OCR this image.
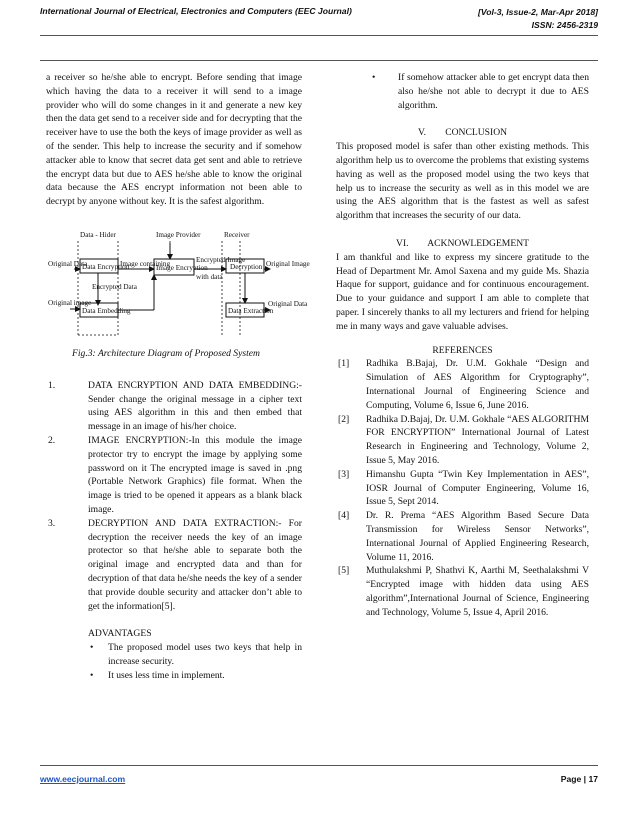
International Journal of Electrical, Electronics and Computers (EEC Journal)	[Vol-3, Issue-2, Mar-Apr 2018]
ISSN: 2456-2319

a receiver so he/she able to encrypt. Before sending that image which having the data to a receiver it will send to a image provider who will do some changes in it and generate a new key then the data get send to a receiver side and for decrypting that the receiver have to use the both the keys of image provider as well as of the sender. This help to increase the security and if somehow attacker able to know that secret data get sent and able to retrieve the encrypt data but due to AES he/she able to know the original data because the AES encrypt information not been able to decrypt by anyone without key. It is the safest algorithm.

Data - Hider	Image Provider	Receiver
Original Data
Data Encryption
Image containing
Image Encryption
Encrypted Image
with data
Decryption Original Image
Encrypted Data
Original image
Data Embedding	Data Extraction
Original Data

Fig.3: Architecture Diagram of Proposed System

1.	DATA ENCRYPTION AND DATA EMBEDDING:-Sender change the original message in a cipher text using AES algorithm in this and then embed that message in an image of his/her choice.
2.	IMAGE ENCRYPTION:-In this module the image protector try to encrypt the image by applying some password on it The encrypted image is saved in .png (Portable Network Graphics) file format. When the image is tried to be opened it appears as a blank black image.
3.	DECRYPTION AND DATA EXTRACTION:- For decryption the receiver needs the key of an image protector so that he/she able to separate both the original image and encrypted data and than for decryption of that data he/she needs the key of a sender that provide double security and attacker don’t able to get the information[5].

ADVANTAGES

• The proposed model uses two keys that help in increase security.
• It uses less time in implement.
• If somehow attacker able to get encrypt data then also he/she not able to decrypt it due to AES algorithm.

V.        CONCLUSION

This proposed model is safer than other existing methods. This algorithm help us to overcome the problems that existing systems having as well as the proposed model using the two keys that help us to increase the security as well as in this model we are using the AES algorithm that is the fastest as well as safest algorithm that increases the security of our data.

VI.        ACKNOWLEDGEMENT

I am thankful and like to express my sincere gratitude to the Head of Department Mr. Amol Saxena and my guide Ms. Shazia Haque for support, guidance and for continuous encouragement. Due to your guidance and support I am able to complete that paper. I sincerely thanks to all my lecturers and friend for helping me in many ways and gave valuable advises.

REFERENCES

[1] Radhika B.Bajaj, Dr. U.M. Gokhale “Design and Simulation of AES Algorithm for Cryptography”, International Journal of Engineering Science and Computing, Volume 6, Issue 6, June 2016.
[2] Radhika D.Bajaj, Dr. U.M. Gokhale “AES ALGORITHM FOR ENCRYPTION” International Journal of Latest Research in Engineering and Technology, Volume 2, Issue 5, May 2016.
[3] Himanshu Gupta “Twin Key Implementation in AES”, IOSR Journal of Computer Engineering, Volume 16, Issue 5, Sept 2014.
[4] Dr. R. Prema “AES Algorithm Based Secure Data Transmission for Wireless Sensor Networks”, International Journal of Applied Engineering Research, Volume 11, 2016.
[5] Muthulakshmi P, Shathvi K, Aarthi M, Seethalakshmi V “Encrypted image with hidden data using AES algorithm”,International Journal of Science, Engineering and Technology, Volume 5, Issue 4, April 2016.
www.eecjournal.com	Page | 17
